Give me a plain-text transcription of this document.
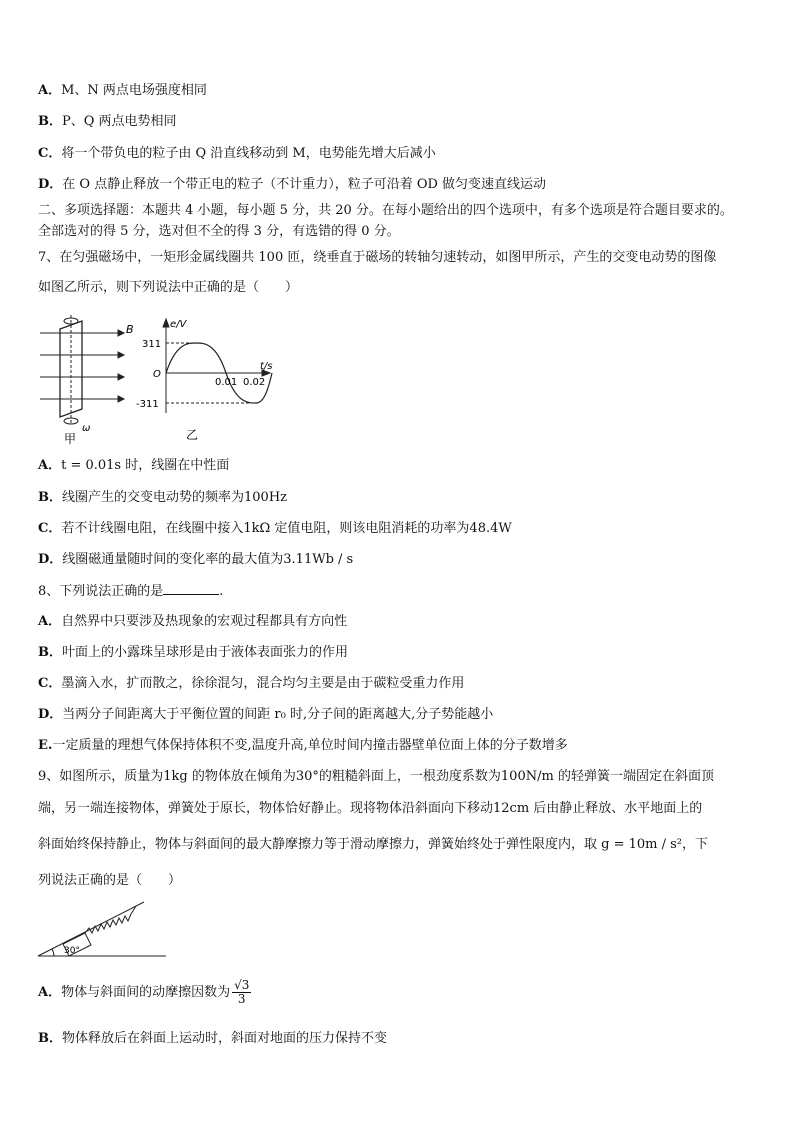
A．M、N 两点电场强度相同
B．P、Q 两点电势相同
C．将一个带负电的粒子由 Q 沿直线移动到 M，电势能先增大后减小
D．在 O 点静止释放一个带正电的粒子（不计重力），粒子可沿着 OD 做匀变速直线运动
二、多项选择题：本题共 4 小题，每小题 5 分，共 20 分。在每小题给出的四个选项中，有多个选项是符合题目要求的。
全部选对的得 5 分，选对但不全的得 3 分，有选错的得 0 分。
7、在匀强磁场中，一矩形金属线圈共 100 匝，绕垂直于磁场的转轴匀速转动，如图甲所示，产生的交变电动势的图像
如图乙所示，则下列说法中正确的是（　　）
B
ω
甲
e/V
t/s
O
311
-311
0.01 0.02
乙
A．t = 0.01s 时，线圈在中性面
B．线圈产生的交变电动势的频率为100Hz
C．若不计线圈电阻，在线圈中接入1kΩ 定值电阻，则该电阻消耗的功率为48.4W
D．线圈磁通量随时间的变化率的最大值为3.11Wb / s
8、下列说法正确的是	.
A．自然界中只要涉及热现象的宏观过程都具有方向性
B．叶面上的小露珠呈球形是由于液体表面张力的作用
C．墨滴入水，扩而散之，徐徐混匀，混合均匀主要是由于碳粒受重力作用
D．当两分子间距离大于平衡位置的间距 r₀ 时,分子间的距离越大,分子势能越小
E.一定质量的理想气体保持体积不变,温度升高,单位时间内撞击器壁单位面上体的分子数增多
9、如图所示，质量为1kg 的物体放在倾角为30°的粗糙斜面上，一根劲度系数为100N/m 的轻弹簧一端固定在斜面顶
端，另一端连接物体，弹簧处于原长，物体恰好静止。现将物体沿斜面向下移动12cm 后由静止释放、水平地面上的
斜面始终保持静止，物体与斜面间的最大静摩擦力等于滑动摩擦力，弹簧始终处于弹性限度内，取 g = 10m / s²，下
列说法正确的是（　　）
30°
A．物体与斜面间的动摩擦因数为 $\frac{√3}{3}$
B．物体释放后在斜面上运动时，斜面对地面的压力保持不变
